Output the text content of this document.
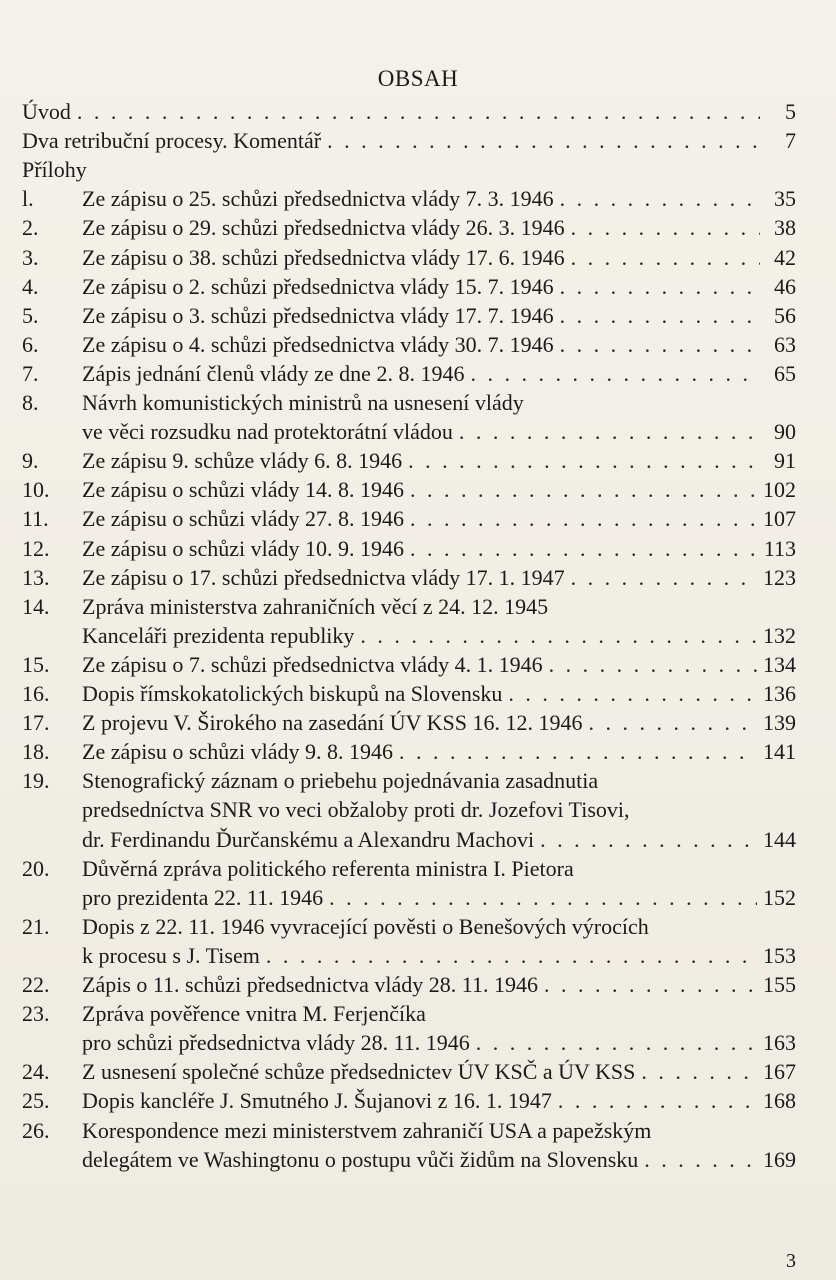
OBSAH
Úvod . . .	5
Dva retribuční procesy. Komentář . . .	7
Přílohy
l.	Ze zápisu o 25. schůzi předsednictva vlády 7. 3. 1946 . . .	35
2.	Ze zápisu o 29. schůzi předsednictva vlády 26. 3. 1946 . . .	38
3.	Ze zápisu o 38. schůzi předsednictva vlády 17. 6. 1946 . . .	42
4.	Ze zápisu o 2. schůzi předsednictva vlády 15. 7. 1946 . . .	46
5.	Ze zápisu o 3. schůzi předsednictva vlády 17. 7. 1946 . . .	56
6.	Ze zápisu o 4. schůzi předsednictva vlády 30. 7. 1946 . . .	63
7.	Zápis jednání členů vlády ze dne 2. 8. 1946 . . .	65
8.	Návrh komunistických ministrů na usnesení vlády
ve věci rozsudku nad protektorátní vládou . . .	90
9.	Ze zápisu 9. schůze vlády 6. 8. 1946 . . .	91
10.	Ze zápisu o schůzi vlády 14. 8. 1946 . . .	102
11.	Ze zápisu o schůzi vlády 27. 8. 1946 . . .	107
12.	Ze zápisu o schůzi vlády 10. 9. 1946 . . .	113
13.	Ze zápisu o 17. schůzi předsednictva vlády 17. 1. 1947 . . .	123
14.	Zpráva ministerstva zahraničních věcí z 24. 12. 1945
Kanceláři prezidenta republiky . . .	132
15.	Ze zápisu o 7. schůzi předsednictva vlády 4. 1. 1946 . . .	134
16.	Dopis římskokatolických biskupů na Slovensku . . .	136
17.	Z projevu V. Širokého na zasedání ÚV KSS 16. 12. 1946 . . .	139
18.	Ze zápisu o schůzi vlády 9. 8. 1946 . . .	141
19.	Stenografický záznam o priebehu pojednávania zasadnutia
predsedníctva SNR vo veci obžaloby proti dr. Jozefovi Tisovi,
dr. Ferdinandu Ďurčanskému a Alexandru Machovi . . .	144
20.	Důvěrná zpráva politického referenta ministra I. Pietora
pro prezidenta 22. 11. 1946 . . .	152
21.	Dopis z 22. 11. 1946 vyvracející pověsti o Benešových výrocích
k procesu s J. Tisem . . .	153
22.	Zápis o 11. schůzi předsednictva vlády 28. 11. 1946 . . .	155
23.	Zpráva pověřence vnitra M. Ferjenčíka
pro schůzi předsednictva vlády 28. 11. 1946 . . .	163
24.	Z usnesení společné schůze předsednictev ÚV KSČ a ÚV KSS . . .	167
25.	Dopis kancléře J. Smutného J. Šujanovi z 16. 1. 1947 . . .	168
26.	Korespondence mezi ministerstvem zahraničí USA a papežským
delegátem ve Washingtonu o postupu vůči židům na Slovensku . . .	169
3
